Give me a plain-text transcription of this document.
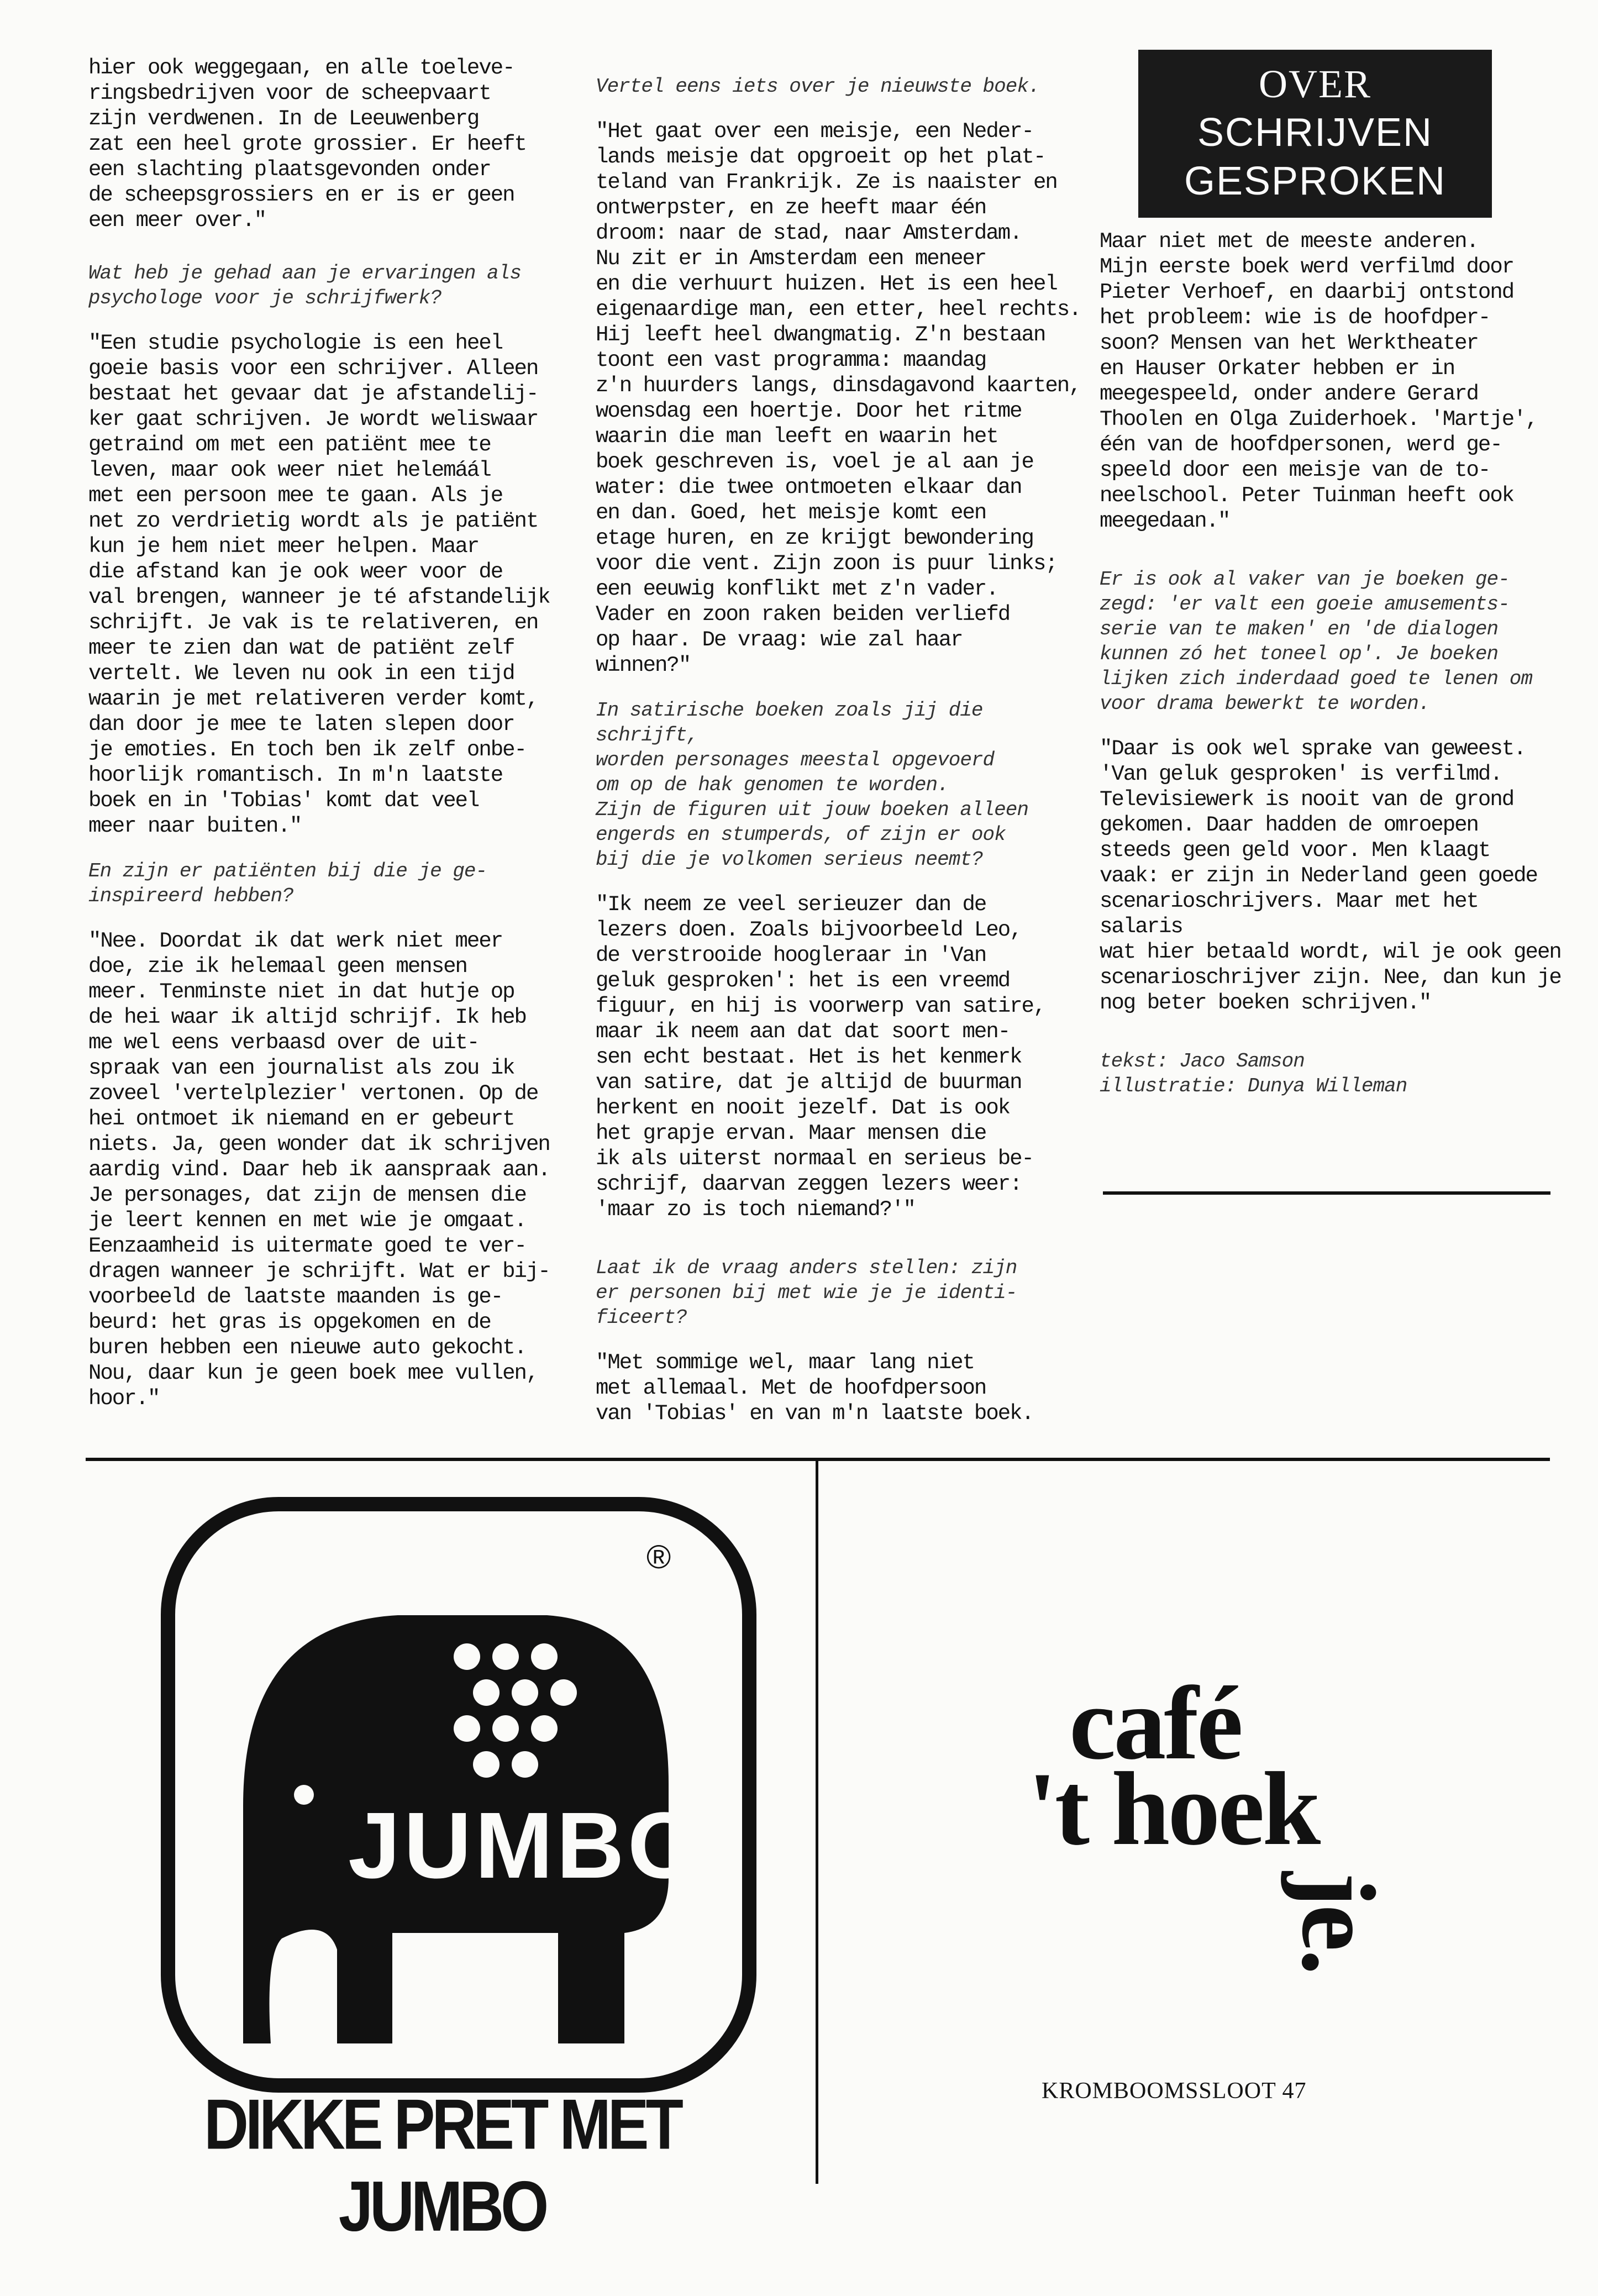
hier ook weggegaan, en alle toeleve-
ringsbedrijven voor de scheepvaart
zijn verdwenen. In de Leeuwenberg
zat een heel grote grossier. Er heeft
een slachting plaatsgevonden onder
de scheepsgrossiers en er is er geen
een meer over."

Wat heb je gehad aan je ervaringen als
psychologe voor je schrijfwerk?

"Een studie psychologie is een heel
goeie basis voor een schrijver. Alleen
bestaat het gevaar dat je afstandelij-
ker gaat schrijven. Je wordt weliswaar
getraind om met een patiënt mee te
leven, maar ook weer niet helemáál
met een persoon mee te gaan. Als je
net zo verdrietig wordt als je patiënt
kun je hem niet meer helpen. Maar
die afstand kan je ook weer voor de
val brengen, wanneer je té afstandelijk
schrijft. Je vak is te relativeren, en
meer te zien dan wat de patiënt zelf
vertelt. We leven nu ook in een tijd
waarin je met relativeren verder komt,
dan door je mee te laten slepen door
je emoties. En toch ben ik zelf onbe-
hoorlijk romantisch. In m'n laatste
boek en in 'Tobias' komt dat veel
meer naar buiten."

En zijn er patiënten bij die je ge-
inspireerd hebben?

"Nee. Doordat ik dat werk niet meer
doe, zie ik helemaal geen mensen
meer. Tenminste niet in dat hutje op
de hei waar ik altijd schrijf. Ik heb
me wel eens verbaasd over de uit-
spraak van een journalist als zou ik
zoveel 'vertelplezier' vertonen. Op de
hei ontmoet ik niemand en er gebeurt
niets. Ja, geen wonder dat ik schrijven
aardig vind. Daar heb ik aanspraak aan.
Je personages, dat zijn de mensen die
je leert kennen en met wie je omgaat.
Eenzaamheid is uitermate goed te ver-
dragen wanneer je schrijft. Wat er bij-
voorbeeld de laatste maanden is ge-
beurd: het gras is opgekomen en de
buren hebben een nieuwe auto gekocht.
Nou, daar kun je geen boek mee vullen,
hoor."

Vertel eens iets over je nieuwste boek.

"Het gaat over een meisje, een Neder-
lands meisje dat opgroeit op het plat-
teland van Frankrijk. Ze is naaister en
ontwerpster, en ze heeft maar één
droom: naar de stad, naar Amsterdam.
Nu zit er in Amsterdam een meneer
en die verhuurt huizen. Het is een heel
eigenaardige man, een etter, heel rechts.
Hij leeft heel dwangmatig. Z'n bestaan
toont een vast programma: maandag
z'n huurders langs, dinsdagavond kaarten,
woensdag een hoertje. Door het ritme
waarin die man leeft en waarin het
boek geschreven is, voel je al aan je
water: die twee ontmoeten elkaar dan
en dan. Goed, het meisje komt een
etage huren, en ze krijgt bewondering
voor die vent. Zijn zoon is puur links;
een eeuwig konflikt met z'n vader.
Vader en zoon raken beiden verliefd
op haar. De vraag: wie zal haar
winnen?"

In satirische boeken zoals jij die schrijft,
worden personages meestal opgevoerd
om op de hak genomen te worden.
Zijn de figuren uit jouw boeken alleen
engerds en stumperds, of zijn er ook
bij die je volkomen serieus neemt?

"Ik neem ze veel serieuzer dan de
lezers doen. Zoals bijvoorbeeld Leo,
de verstrooide hoogleraar in 'Van
geluk gesproken': het is een vreemd
figuur, en hij is voorwerp van satire,
maar ik neem aan dat dat soort men-
sen echt bestaat. Het is het kenmerk
van satire, dat je altijd de buurman
herkent en nooit jezelf. Dat is ook
het grapje ervan. Maar mensen die
ik als uiterst normaal en serieus be-
schrijf, daarvan zeggen lezers weer:
'maar zo is toch niemand?'"

Laat ik de vraag anders stellen: zijn
er personen bij met wie je je identi-
ficeert?

"Met sommige wel, maar lang niet
met allemaal. Met de hoofdpersoon
van 'Tobias' en van m'n laatste boek.

OVER
SCHRIJVEN
GESPROKEN

Maar niet met de meeste anderen.
Mijn eerste boek werd verfilmd door
Pieter Verhoef, en daarbij ontstond
het probleem: wie is de hoofdper-
soon? Mensen van het Werktheater
en Hauser Orkater hebben er in
meegespeeld, onder andere Gerard
Thoolen en Olga Zuiderhoek. 'Martje',
één van de hoofdpersonen, werd ge-
speeld door een meisje van de to-
neelschool. Peter Tuinman heeft ook
meegedaan."

Er is ook al vaker van je boeken ge-
zegd: 'er valt een goeie amusements-
serie van te maken' en 'de dialogen
kunnen zó het toneel op'. Je boeken
lijken zich inderdaad goed te lenen om
voor drama bewerkt te worden.

"Daar is ook wel sprake van geweest.
'Van geluk gesproken' is verfilmd.
Televisiewerk is nooit van de grond
gekomen. Daar hadden de omroepen
steeds geen geld voor. Men klaagt
vaak: er zijn in Nederland geen goede
scenarioschrijvers. Maar met het salaris
wat hier betaald wordt, wil je ook geen
scenarioschrijver zijn. Nee, dan kun je
nog beter boeken schrijven."

tekst: Jaco Samson
illustratie: Dunya Willeman

JUMBO
®
DIKKE PRET MET JUMBO
café
't hoek
je.
KROMBOOMSSLOOT 47
